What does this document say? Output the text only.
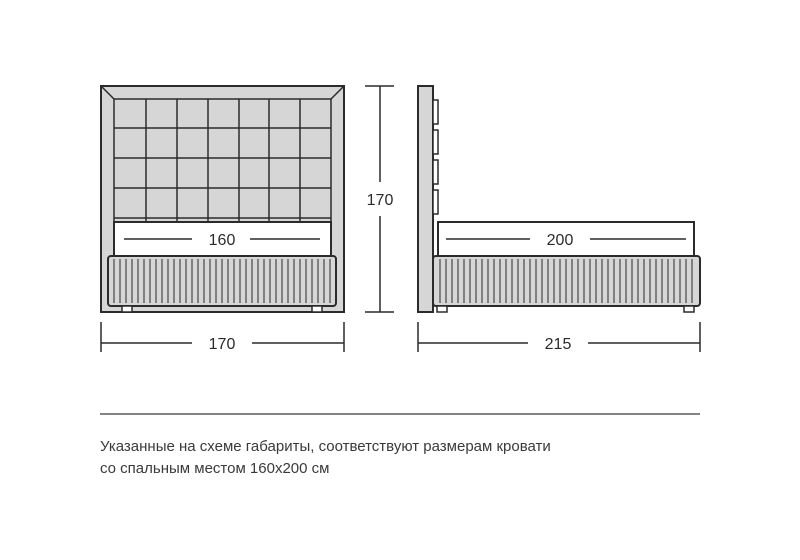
160
170
170
200
215
Указанные на схеме габариты, соответствуют размерам кровати
со спальным местом 160х200 см
